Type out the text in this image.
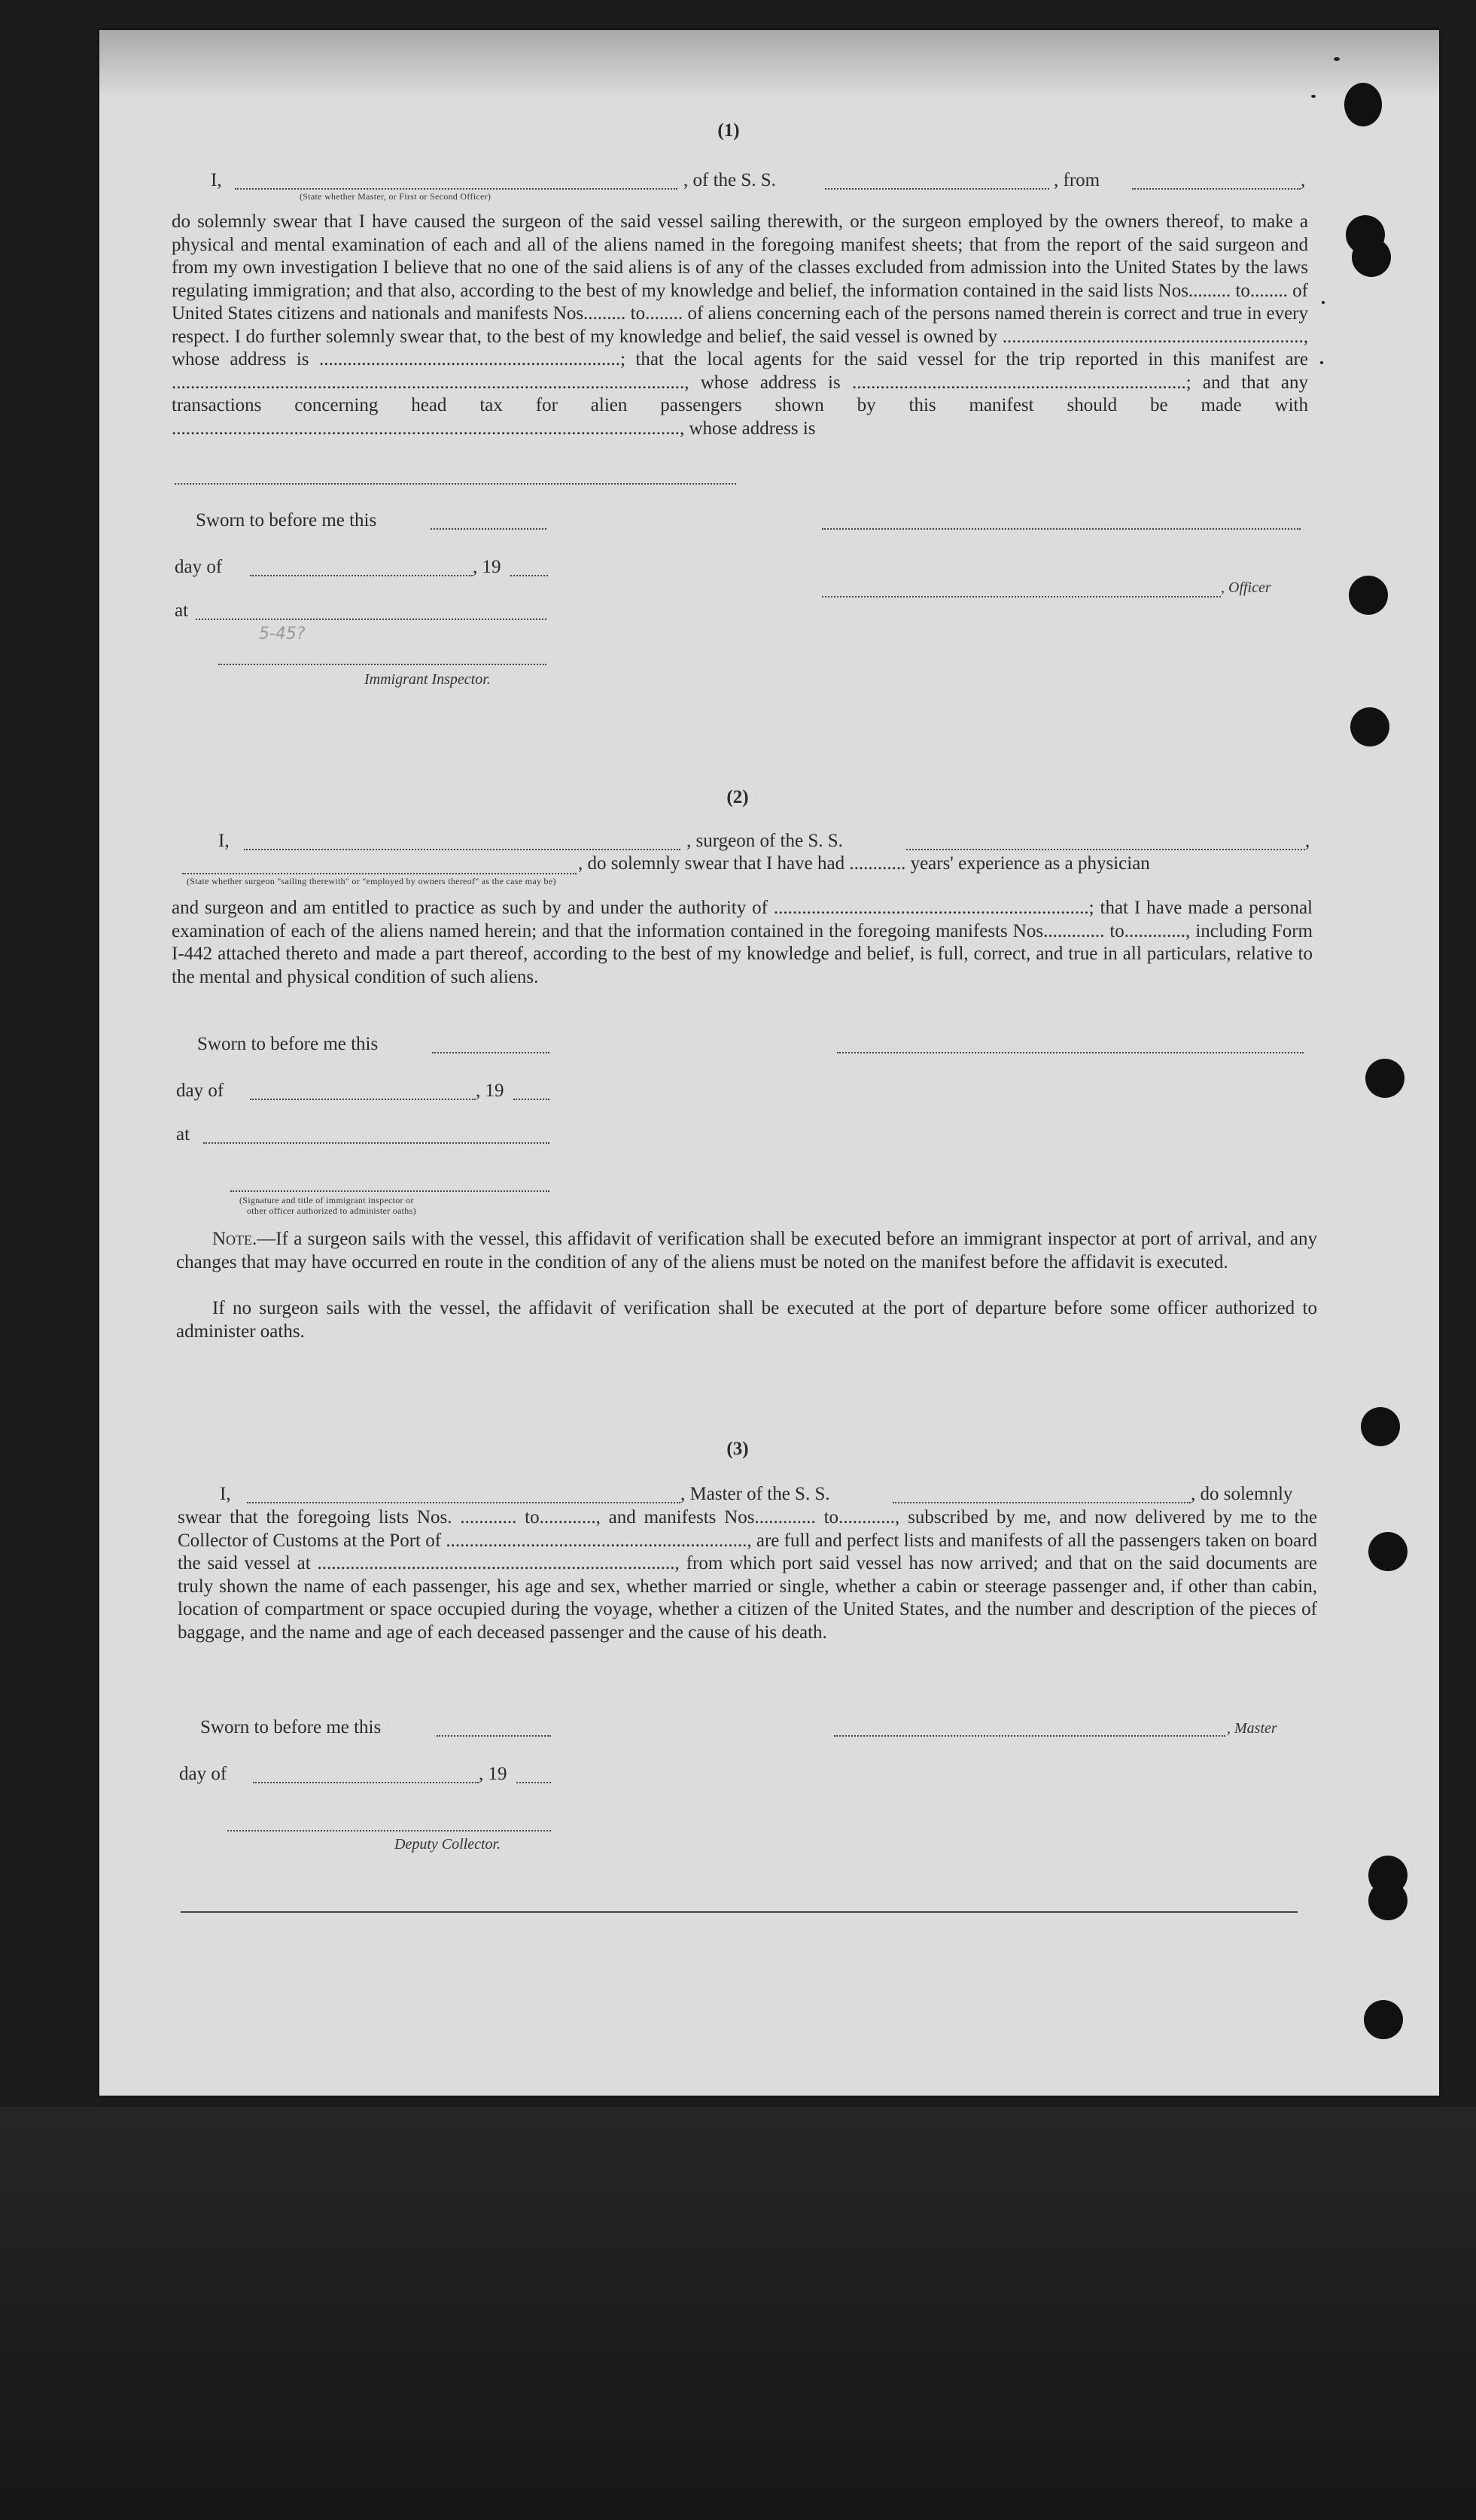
(1)
I,	, of the S. S.	, from	,
(State whether Master, or First or Second Officer)
do solemnly swear that I have caused the surgeon of the said vessel sailing therewith, or the surgeon employed by the owners thereof, to make a physical and mental examination of each and all of the aliens named in the foregoing manifest sheets; that from the report of the said surgeon and from my own investigation I believe that no one of the said aliens is of any of the classes excluded from admission into the United States by the laws regulating immigration; and that also, according to the best of my knowledge and belief, the information contained in the said lists Nos......... to........ of United States citizens and nationals and manifests Nos......... to........ of aliens concerning each of the persons named therein is correct and true in every respect. I do further solemnly swear that, to the best of my knowledge and belief, the said vessel is owned by ................................................................, whose address is ................................................................; that the local agents for the said vessel for the trip reported in this manifest are ............................................................................................................., whose address is .......................................................................; and that any transactions concerning head tax for alien passengers shown by this manifest should be made with ............................................................................................................, whose address is
Sworn to before me this
day of	, 19
, Officer
at
5-45?
Immigrant Inspector.
(2)
I,	, surgeon of the S. S.	,
, do solemnly swear that I have had ............ years' experience as a physician
(State whether surgeon "sailing therewith" or "employed by owners thereof" as the case may be)
and surgeon and am entitled to practice as such by and under the authority of ...................................................................; that I have made a personal examination of each of the aliens named herein; and that the information contained in the foregoing manifests Nos............. to............., including Form I-442 attached thereto and made a part thereof, according to the best of my knowledge and belief, is full, correct, and true in all particulars, relative to the mental and physical condition of such aliens.
Sworn to before me this
day of	, 19
at
(Signature and title of immigrant inspector or
other officer authorized to administer oaths)
Note.—If a surgeon sails with the vessel, this affidavit of verification shall be executed before an immigrant inspector at port of arrival, and any changes that may have occurred en route in the condition of any of the aliens must be noted on the manifest before the affidavit is executed.
If no surgeon sails with the vessel, the affidavit of verification shall be executed at the port of departure before some officer authorized to administer oaths.
(3)
I,	, Master of the S. S.	, do solemnly
swear that the foregoing lists Nos. ............ to............, and manifests Nos............. to............, subscribed by me, and now delivered by me to the Collector of Customs at the Port of ................................................................, are full and perfect lists and manifests of all the passengers taken on board the said vessel at ............................................................................, from which port said vessel has now arrived; and that on the said documents are truly shown the name of each passenger, his age and sex, whether married or single, whether a cabin or steerage passenger and, if other than cabin, location of compartment or space occupied during the voyage, whether a citizen of the United States, and the number and description of the pieces of baggage, and the name and age of each deceased passenger and the cause of his death.
Sworn to before me this	, Master
day of	, 19
Deputy Collector.
